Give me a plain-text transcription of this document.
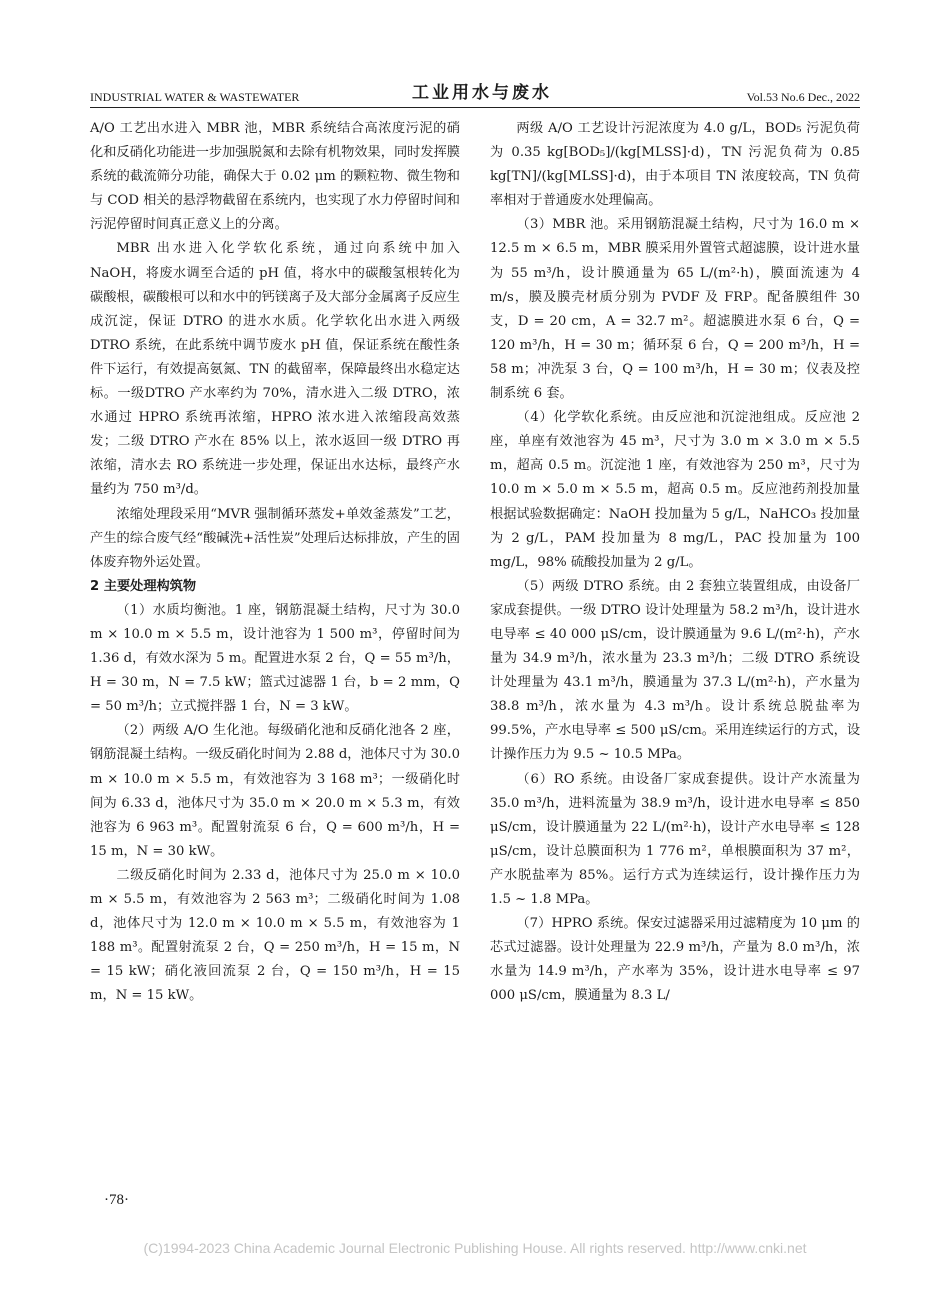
INDUSTRIAL WATER & WASTEWATER	工业用水与废水	Vol.53 No.6 Dec., 2022

A/O 工艺出水进入 MBR 池，MBR 系统结合高浓度污泥的硝化和反硝化功能进一步加强脱氮和去除有机物效果，同时发挥膜系统的截流筛分功能，确保大于 0.02 μm 的颗粒物、微生物和与 COD 相关的悬浮物截留在系统内，也实现了水力停留时间和污泥停留时间真正意义上的分离。

MBR 出水进入化学软化系统，通过向系统中加入 NaOH，将废水调至合适的 pH 值，将水中的碳酸氢根转化为碳酸根，碳酸根可以和水中的钙镁离子及大部分金属离子反应生成沉淀，保证 DTRO 的进水水质。化学软化出水进入两级 DTRO 系统，在此系统中调节废水 pH 值，保证系统在酸性条件下运行，有效提高氨氮、TN 的截留率，保障最终出水稳定达标。一级DTRO 产水率约为 70%，清水进入二级 DTRO，浓水通过 HPRO 系统再浓缩，HPRO 浓水进入浓缩段高效蒸发；二级 DTRO 产水在 85% 以上，浓水返回一级 DTRO 再浓缩，清水去 RO 系统进一步处理，保证出水达标，最终产水量约为 750 m³/d。

浓缩处理段采用“MVR 强制循环蒸发+单效釜蒸发”工艺，产生的综合废气经“酸碱洗+活性炭”处理后达标排放，产生的固体废弃物外运处置。

2 主要处理构筑物

（1）水质均衡池。1 座，钢筋混凝土结构，尺寸为 30.0 m × 10.0 m × 5.5 m，设计池容为 1 500 m³，停留时间为 1.36 d，有效水深为 5 m。配置进水泵 2 台，Q = 55 m³/h，H = 30 m，N = 7.5 kW；篮式过滤器 1 台，b = 2 mm，Q = 50 m³/h；立式搅拌器 1 台，N = 3 kW。

（2）两级 A/O 生化池。每级硝化池和反硝化池各 2 座，钢筋混凝土结构。一级反硝化时间为 2.88 d，池体尺寸为 30.0 m × 10.0 m × 5.5 m，有效池容为 3 168 m³；一级硝化时间为 6.33 d，池体尺寸为 35.0 m × 20.0 m × 5.3 m，有效池容为 6 963 m³。配置射流泵 6 台，Q = 600 m³/h，H = 15 m，N = 30 kW。

二级反硝化时间为 2.33 d，池体尺寸为 25.0 m × 10.0 m × 5.5 m，有效池容为 2 563 m³；二级硝化时间为 1.08 d，池体尺寸为 12.0 m × 10.0 m × 5.5 m，有效池容为 1 188 m³。配置射流泵 2 台，Q = 250 m³/h，H = 15 m，N = 15 kW；硝化液回流泵 2 台，Q = 150 m³/h，H = 15 m，N = 15 kW。

两级 A/O 工艺设计污泥浓度为 4.0 g/L，BOD₅ 污泥负荷为 0.35 kg[BOD₅]/(kg[MLSS]·d)，TN 污泥负荷为 0.85 kg[TN]/(kg[MLSS]·d)，由于本项目 TN 浓度较高，TN 负荷率相对于普通废水处理偏高。

（3）MBR 池。采用钢筋混凝土结构，尺寸为 16.0 m × 12.5 m × 6.5 m，MBR 膜采用外置管式超滤膜，设计进水量为 55 m³/h，设计膜通量为 65 L/(m²·h)，膜面流速为 4 m/s，膜及膜壳材质分别为 PVDF 及 FRP。配备膜组件 30 支，D = 20 cm，A = 32.7 m²。超滤膜进水泵 6 台，Q = 120 m³/h，H = 30 m；循环泵 6 台，Q = 200 m³/h，H = 58 m；冲洗泵 3 台，Q = 100 m³/h，H = 30 m；仪表及控制系统 6 套。

（4）化学软化系统。由反应池和沉淀池组成。反应池 2 座，单座有效池容为 45 m³，尺寸为 3.0 m × 3.0 m × 5.5 m，超高 0.5 m。沉淀池 1 座，有效池容为 250 m³，尺寸为 10.0 m × 5.0 m × 5.5 m，超高 0.5 m。反应池药剂投加量根据试验数据确定：NaOH 投加量为 5 g/L，NaHCO₃ 投加量为 2 g/L，PAM 投加量为 8 mg/L，PAC 投加量为 100 mg/L，98% 硫酸投加量为 2 g/L。

（5）两级 DTRO 系统。由 2 套独立装置组成，由设备厂家成套提供。一级 DTRO 设计处理量为 58.2 m³/h，设计进水电导率 ≤ 40 000 μS/cm，设计膜通量为 9.6 L/(m²·h)，产水量为 34.9 m³/h，浓水量为 23.3 m³/h；二级 DTRO 系统设计处理量为 43.1 m³/h，膜通量为 37.3 L/(m²·h)，产水量为 38.8 m³/h，浓水量为 4.3 m³/h。设计系统总脱盐率为 99.5%，产水电导率 ≤ 500 μS/cm。采用连续运行的方式，设计操作压力为 9.5 ~ 10.5 MPa。

（6）RO 系统。由设备厂家成套提供。设计产水流量为 35.0 m³/h，进料流量为 38.9 m³/h，设计进水电导率 ≤ 850 μS/cm，设计膜通量为 22 L/(m²·h)，设计产水电导率 ≤ 128 μS/cm，设计总膜面积为 1 776 m²，单根膜面积为 37 m²，产水脱盐率为 85%。运行方式为连续运行，设计操作压力为 1.5 ~ 1.8 MPa。

（7）HPRO 系统。保安过滤器采用过滤精度为 10 μm 的芯式过滤器。设计处理量为 22.9 m³/h，产量为 8.0 m³/h，浓水量为 14.9 m³/h，产水率为 35%，设计进水电导率 ≤ 97 000 μS/cm，膜通量为 8.3 L/

·78·
(C)1994-2023 China Academic Journal Electronic Publishing House. All rights reserved. http://www.cnki.net
